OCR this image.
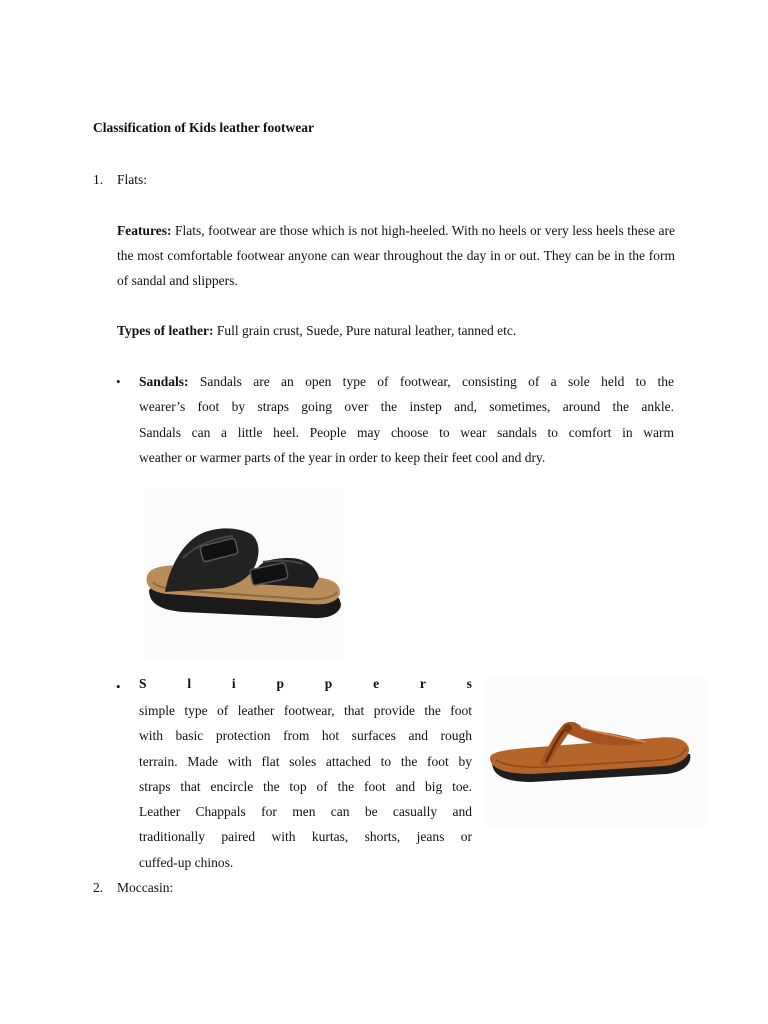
Classification of Kids leather footwear
1. Flats:
Features: Flats, footwear are those which is not high-heeled. With no heels or very less heels these are the most comfortable footwear anyone can wear throughout the day in or out. They can be in the form of sandal and slippers.
Types of leather: Full grain crust, Suede, Pure natural leather, tanned etc.
• Sandals: Sandals are an open type of footwear, consisting of a sole held to the
wearer’s foot by straps going over the instep and, sometimes, around the ankle.
Sandals can a little heel. People may choose to wear sandals to comfort in warm
weather or warmer parts of the year in order to keep their feet cool and dry.
• S	l	i	p	p	e	r	s
simple type of leather footwear, that provide the foot
with basic protection from hot surfaces and rough
terrain. Made with flat soles attached to the foot by
straps that encircle the top of the foot and big toe.
Leather Chappals for men can be casually and
traditionally paired with kurtas, shorts, jeans or
cuffed-up chinos.
2. Moccasin:
